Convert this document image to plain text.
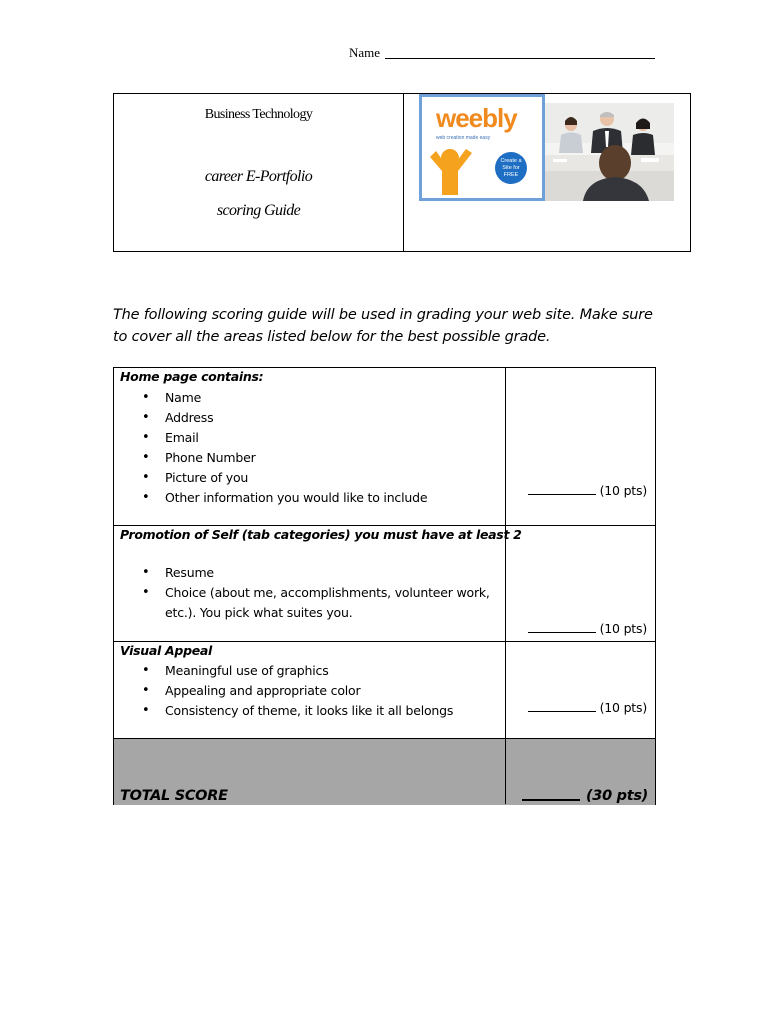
Name
Business Technology
career E-Portfolio
scoring Guide
weebly
web creation made easy
Create a Site for FREE
The following scoring guide will be used in grading your web site. Make sure to cover all the areas listed below for the best possible grade.
Home page contains:
• Name
• Address
• Email
• Phone Number
• Picture of you
• Other information you would like to include	(10 pts)
Promotion of Self (tab categories) you must have at least 2
• Resume
• Choice (about me, accomplishments, volunteer work, etc.). You pick what suites you.
(10 pts)
Visual Appeal
• Meaningful use of graphics
• Appealing and appropriate color
• Consistency of theme, it looks like it all belongs	(10 pts)
TOTAL SCORE	(30 pts)
